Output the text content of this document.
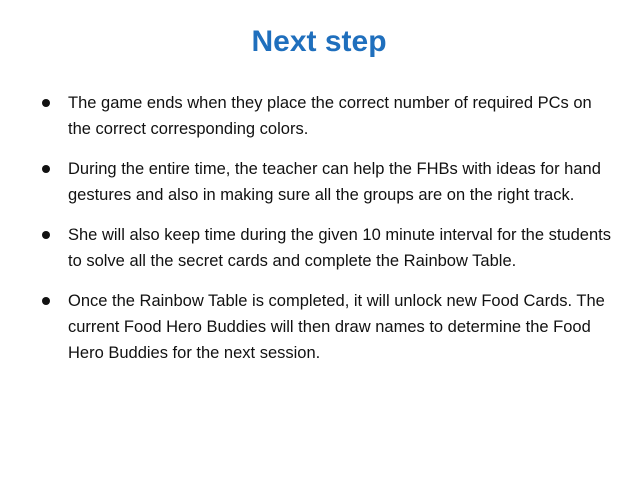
Next step
The game ends when they place the correct number of required PCs on the correct corresponding colors.
During the entire time, the teacher can help the FHBs with ideas for hand gestures and also in making sure all the groups are on the right track.
She will also keep time during the given 10 minute interval for the students to solve all the secret cards and complete the Rainbow Table.
Once the Rainbow Table is completed, it will unlock new Food Cards. The current Food Hero Buddies will then draw names to determine the Food Hero Buddies for the next session.
